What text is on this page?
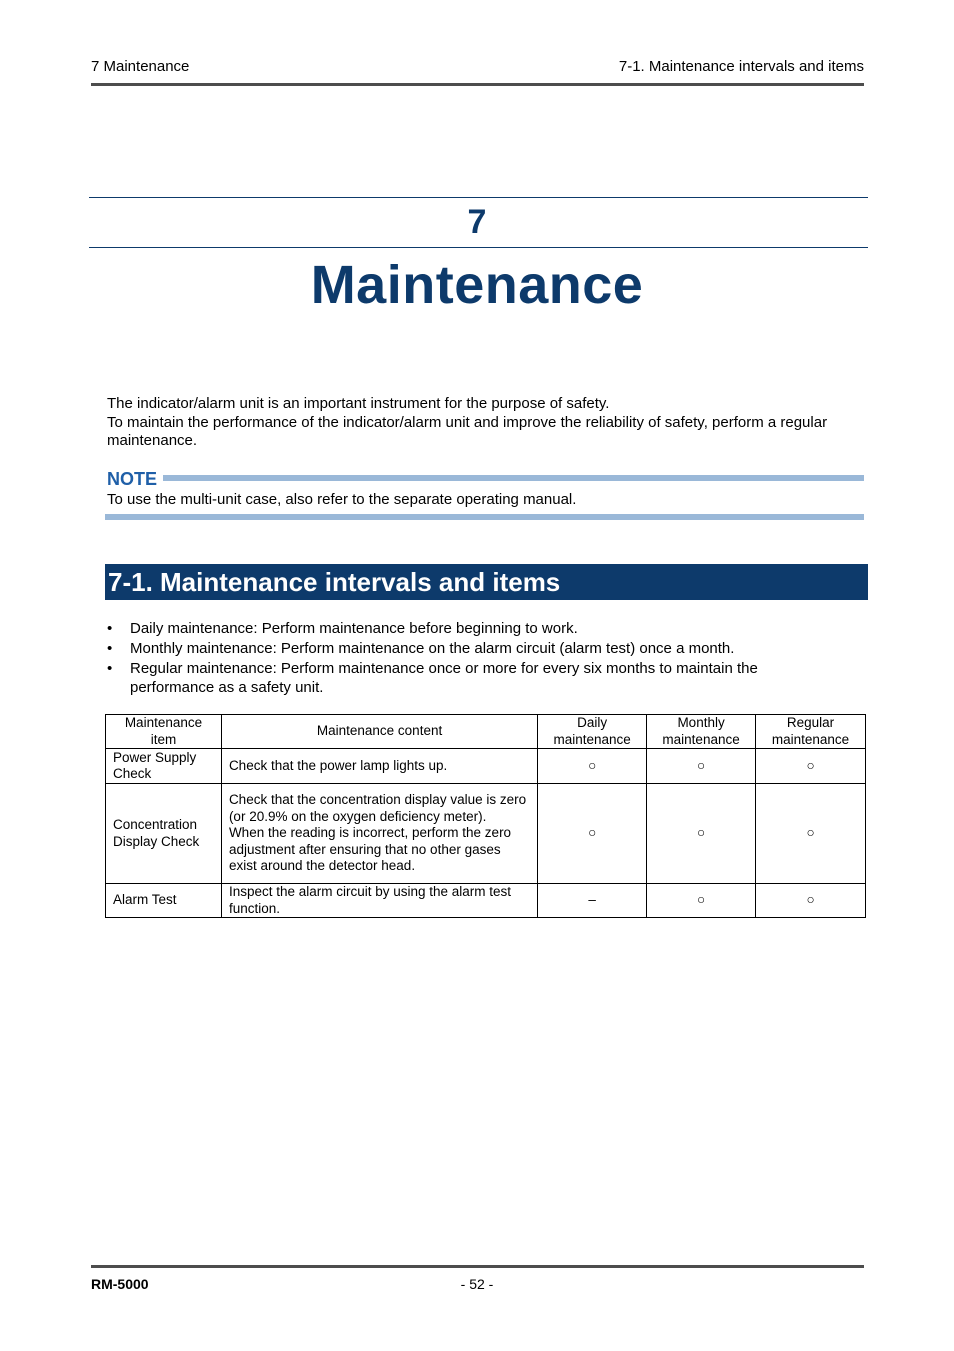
7 Maintenance	7-1. Maintenance intervals and items
7
Maintenance

The indicator/alarm unit is an important instrument for the purpose of safety.

To maintain the performance of the indicator/alarm unit and improve the reliability of safety, perform a regular maintenance.

NOTE
To use the multi-unit case, also refer to the separate operating manual.
7-1. Maintenance intervals and items
• Daily maintenance: Perform maintenance before beginning to work.
• Monthly maintenance: Perform maintenance on the alarm circuit (alarm test) once a month.
• Regular maintenance: Perform maintenance once or more for every six months to maintain the performance as a safety unit.
Maintenance item	Maintenance content	Daily maintenance	Monthly maintenance	Regular maintenance
Power Supply Check	Check that the power lamp lights up.	○	○	○
Concentration Display Check	Check that the concentration display value is zero (or 20.9% on the oxygen deficiency meter).
When the reading is incorrect, perform the zero adjustment after ensuring that no other gases exist around the detector head.	○	○	○
Alarm Test	Inspect the alarm circuit by using the alarm test function.	–	○	○
RM-5000	- 52 -
